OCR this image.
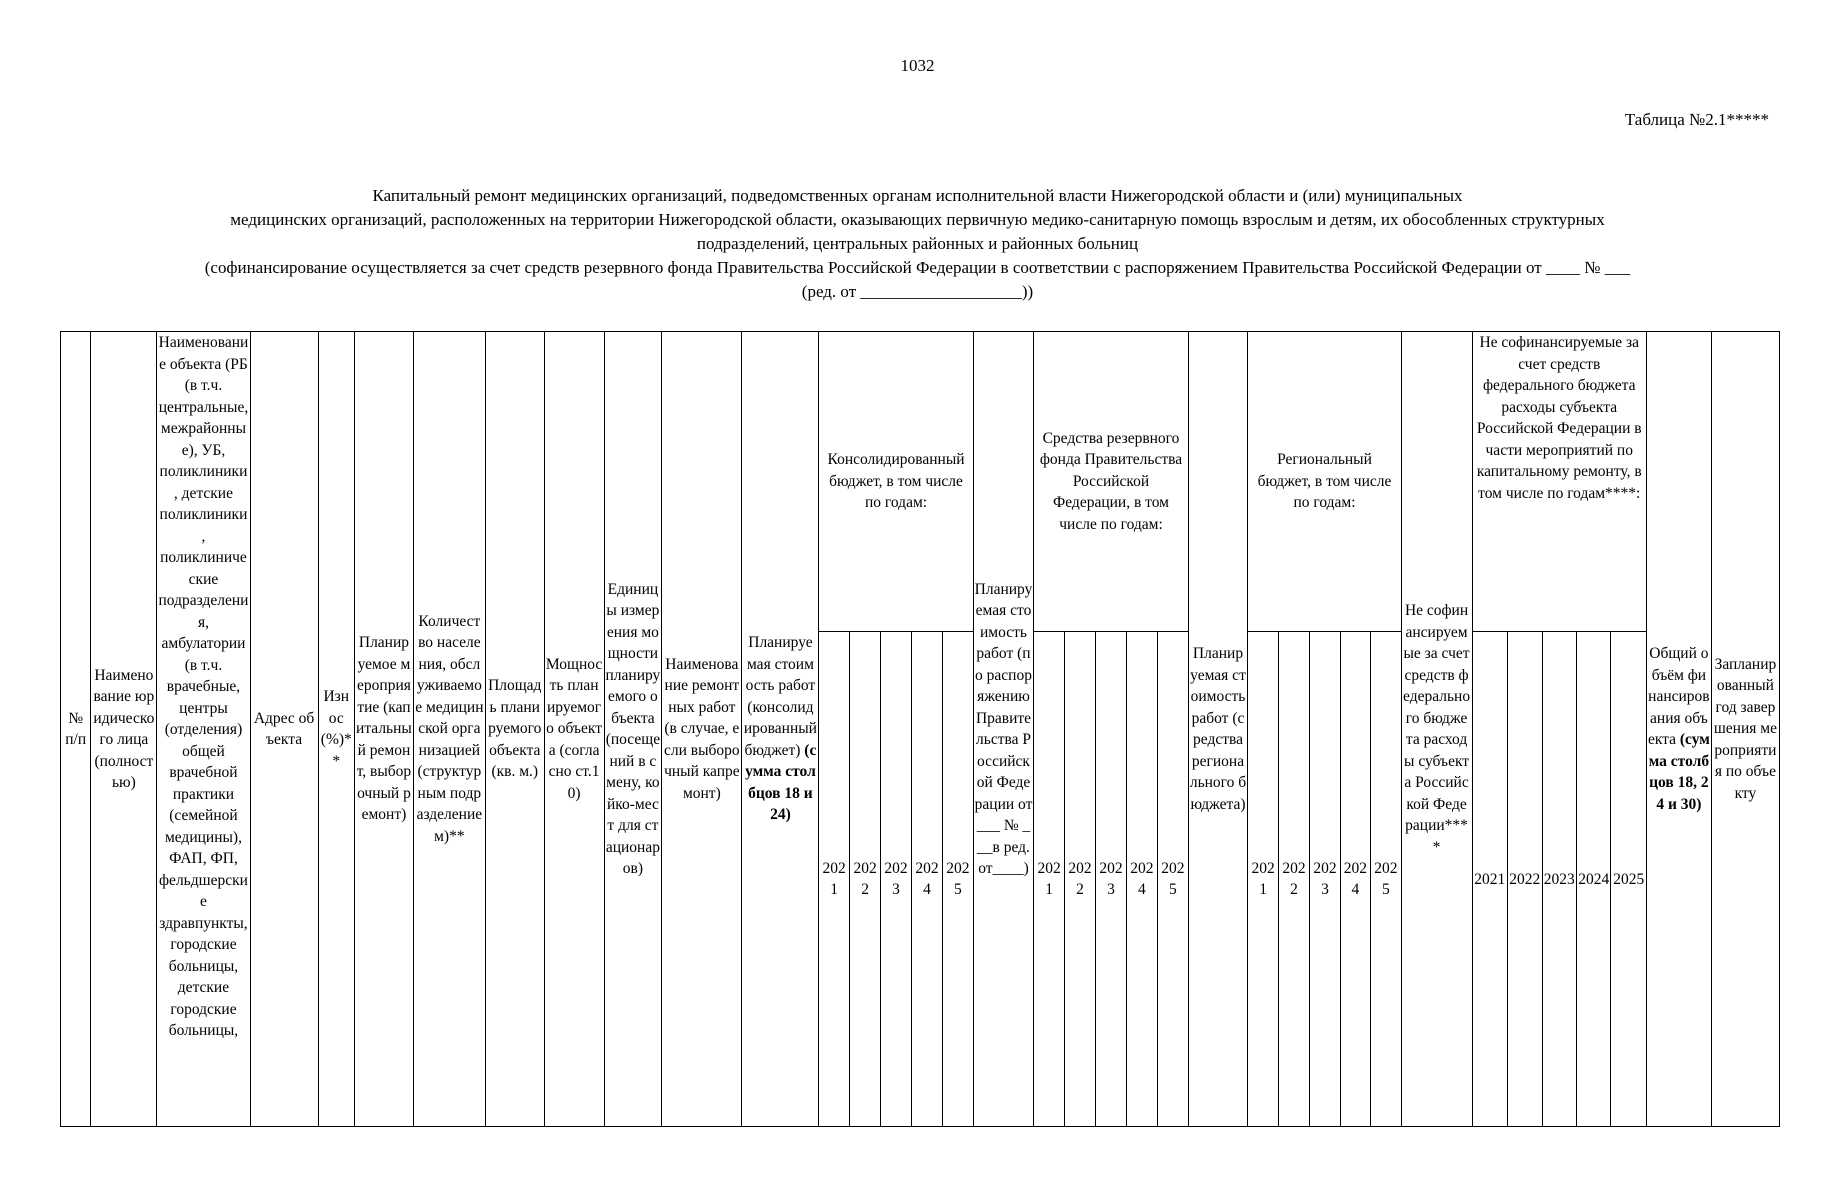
1032
Таблица №2.1*****
Капитальный ремонт медицинских организаций, подведомственных органам исполнительной власти Нижегородской области и (или) муниципальных
медицинских организаций, расположенных на территории Нижегородской области, оказывающих первичную медико-санитарную помощь взрослым и детям, их обособленных структурных
подразделений, центральных районных и районных больниц
(софинансирование осуществляется за счет средств резервного фонда Правительства Российской Федерации в соответствии с распоряжением Правительства Российской Федерации от ____ № ___
(ред. от ___________________))
№ п/п	Наименование юридического лица (полностью)	Наименование объекта (РБ (в т.ч. центральные, межрайонные), УБ, поликлиники, детские поликлиники, поликлинические подразделения, амбулатории (в т.ч. врачебные, центры (отделения) общей врачебной практики (семейной медицины), ФАП, ФП, фельдшерские здравпункты, городские больницы, детские городские больницы,	Адрес объекта	Износ (%)**	Планируемое мероприятие (капитальный ремонт, выборочный ремонт)	Количество населения, обслуживаемое медицинской организацией (структурным подразделением)**	Площадь планируемого объекта (кв. м.)	Мощность планируемого объекта (согласно ст.10)	Единицы измерения мощности планируемого объекта (посещений в смену, койко-мест для стационаров)	Наименование ремонтных работ (в случае, если выборочный капремонт)	Планируемая стоимость работ (консолидированный бюджет) (сумма столбцов 18 и 24)	Консолидированный бюджет, в том числе по годам:					Планируемая стоимость работ (по распоряжению Правительства Российской Федерации от ___ № ___в ред. от____)	Средства резервного фонда Правительства Российской Федерации, в том числе по годам:					Планируемая стоимость работ (средства регионального бюджета)	Региональный бюджет, в том числе по годам:					Не софинансируемые за счет средств федерального бюджета расходы субъекта Российской Федерации****	Не софинансируемые за счет средств федерального бюджета расходы субъекта Российской Федерации в части мероприятий по капитальному ремонту, в том числе по годам****:					Общий объём финансирования объекта (сумма столбцов 18, 24 и 30)	Запланированный год завершения мероприятия по объекту
												2021	2022	2023	2024	2025		2021	2022	2023	2024	2025		2021	2022	2023	2024	2025		2021	2022	2023	2024	2025		
